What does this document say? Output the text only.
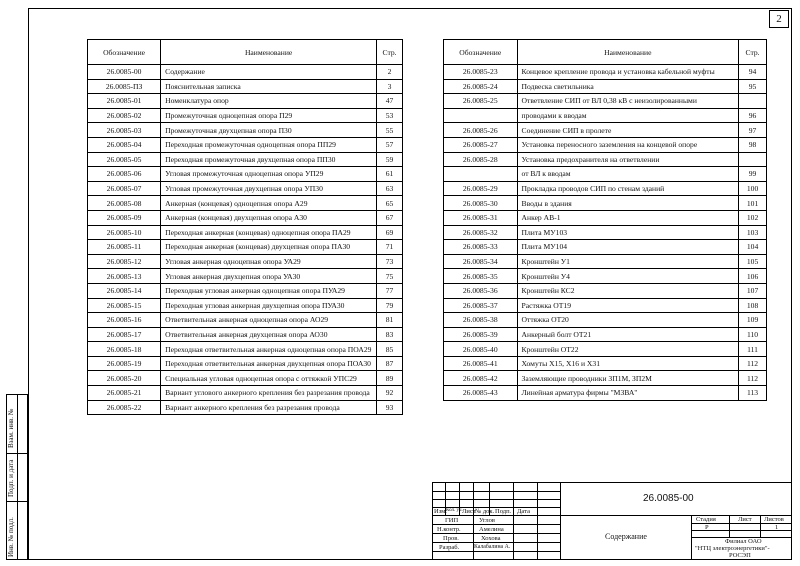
2
Обозначение	Наименование	Стр.
26.0085-00	Содержание	2
26.0085-ПЗ	Пояснительная записка	3
26.0085-01	Номенклатура опор	47
26.0085-02	Промежуточная одноцепная опора П29	53
26.0085-03	Промежуточная двухцепная опора П30	55
26.0085-04	Переходная промежуточная одноцепная опора ПП29	57
26.0085-05	Переходная промежуточная двухцепная опора ПП30	59
26.0085-06	Угловая промежуточная одноцепная опора УП29	61
26.0085-07	Угловая промежуточная двухцепная опора УП30	63
26.0085-08	Анкерная (концевая) одноцепная опора А29	65
26.0085-09	Анкерная (концевая) двухцепная опора А30	67
26.0085-10	Переходная анкерная (концевая) одноцепная опора ПА29	69
26.0085-11	Переходная анкерная (концевая) двухцепная опора ПА30	71
26.0085-12	Угловая анкерная одноцепная опора УА29	73
26.0085-13	Угловая анкерная двухцепная опора УА30	75
26.0085-14	Переходная угловая анкерная одноцепная опора ПУА29	77
26.0085-15	Переходная угловая анкерная двухцепная опора ПУА30	79
26.0085-16	Ответвительная анкерная одноцепная опора АО29	81
26.0085-17	Ответвительная анкерная двухцепная опора АО30	83
26.0085-18	Переходная ответвительная анкерная одноцепная опора ПОА29	85
26.0085-19	Переходная ответвительная анкерная двухцепная опора ПОА30	87
26.0085-20	Специальная угловая одноцепная опора с оттяжкой УПС29	89
26.0085-21	Вариант углового анкерного крепления без разрезания провода	92
26.0085-22	Вариант анкерного крепления без разрезания провода	93
Обозначение	Наименование	Стр.
26.0085-23	Концевое крепление провода и установка кабельной муфты	94
26.0085-24	Подвеска светильника	95
26.0085-25	Ответвление СИП от ВЛ 0,38 кВ с неизолированными	
	проводами к вводам	96
26.0085-26	Соединение СИП в пролете	97
26.0085-27	Установка переносного заземления на концевой опоре	98
26.0085-28	Установка предохранителя на ответвлении	
	от ВЛ к вводам	99
26.0085-29	Прокладка проводов СИП по стенам зданий	100
26.0085-30	Вводы в здания	101
26.0085-31	Анкер АВ-1	102
26.0085-32	Плита МУ103	103
26.0085-33	Плита МУ104	104
26.0085-34	Кронштейн У1	105
26.0085-35	Кронштейн У4	106
26.0085-36	Кронштейн КС2	107
26.0085-37	Растяжка ОТ19	108
26.0085-38	Оттяжка ОТ20	109
26.0085-39	Анкерный болт ОТ21	110
26.0085-40	Кронштейн ОТ22	111
26.0085-41	Хомуты Х15, Х16 и Х31	112
26.0085-42	Заземляющие проводники ЗП1М, ЗП2М	112
26.0085-43	Линейная арматура фирмы "МЗВА"	113
Взам. инв. №
Подп. и дата
Инв. № подл.
Изм. Кол. уч. Лист № док. Подп. Дата
ГИП	Углов
Н.контр.	Амелина
Пров.	Хохова
Разраб.	Калабалина А.
26.0085-00
Содержание
Стадия	Лист Листов
Р	1
Филиал ОАО
"НТЦ электроэнергетики"-
РОСЭП
